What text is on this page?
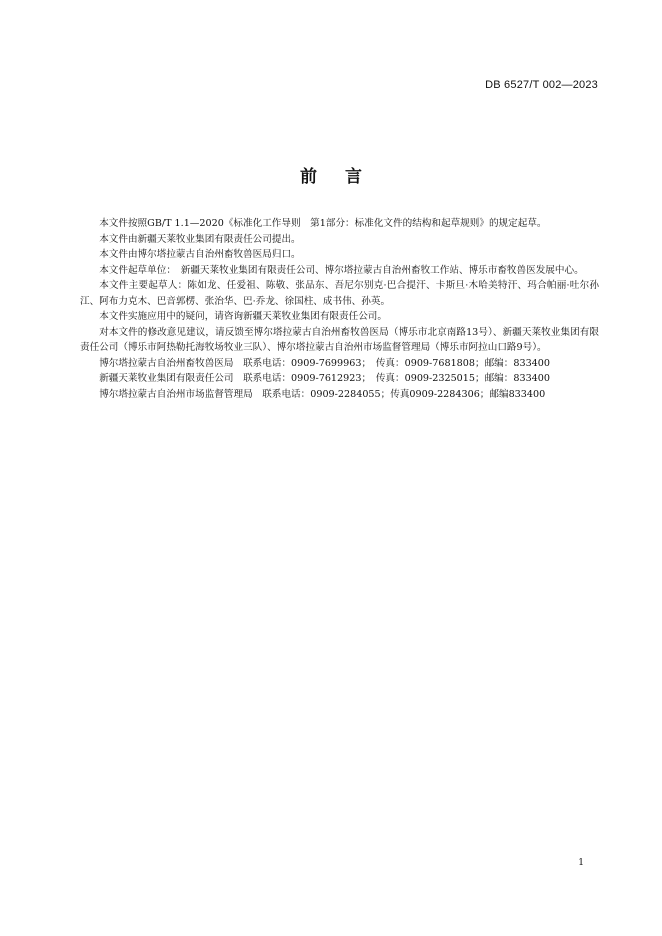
DB 6527/T 002—2023
前言

本文件按照GB/T 1.1—2020《标准化工作导则　第1部分：标准化文件的结构和起草规则》的规定起草。

本文件由新疆天莱牧业集团有限责任公司提出。

本文件由博尔塔拉蒙古自治州畜牧兽医局归口。

本文件起草单位：　新疆天莱牧业集团有限责任公司、博尔塔拉蒙古自治州畜牧工作站、博乐市畜牧兽医发展中心。

本文件主要起草人：陈如龙、任爱祖、陈敬、张品东、吾尼尔别克·巴合提汗、卡斯旦·木哈美特汗、玛合帕丽·吐尔孙江、阿布力克木、巴音郭楞、张治华、巴·乔龙、徐国柱、成书伟、孙英。

本文件实施应用中的疑问，请咨询新疆天莱牧业集团有限责任公司。

对本文件的修改意见建议，请反馈至博尔塔拉蒙古自治州畜牧兽医局（博乐市北京南路13号）、新疆天莱牧业集团有限责任公司（博乐市阿热勒托海牧场牧业三队）、博尔塔拉蒙古自治州市场监督管理局（博乐市阿拉山口路9号）。

博尔塔拉蒙古自治州畜牧兽医局　联系电话：0909-7699963；　传真：0909-7681808；邮编：833400

新疆天莱牧业集团有限责任公司　联系电话：0909-7612923；　传真：0909-2325015；邮编：833400

博尔塔拉蒙古自治州市场监督管理局　联系电话：0909-2284055；传真0909-2284306；邮编833400

1
